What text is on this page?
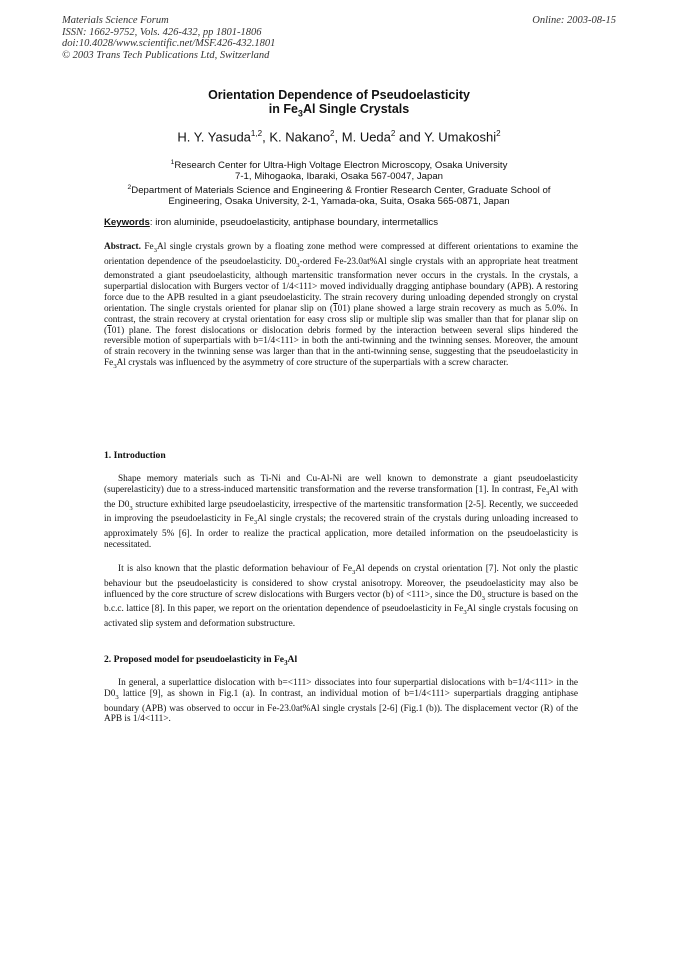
Materials Science Forum
ISSN: 1662-9752, Vols. 426-432, pp 1801-1806
doi:10.4028/www.scientific.net/MSF.426-432.1801
© 2003 Trans Tech Publications Ltd, Switzerland
Online: 2003-08-15
Orientation Dependence of Pseudoelasticity
in $Fe_3Al$ Single Crystals
H. Y. Yasuda$^{1,2}$, K. Nakano$^2$, M. Ueda$^2$ and Y. Umakoshi$^2$
$^1$Research Center for Ultra-High Voltage Electron Microscopy, Osaka University
7-1, Mihogaoka, Ibaraki, Osaka 567-0047, Japan
$^2$Department of Materials Science and Engineering & Frontier Research Center, Graduate School of
Engineering, Osaka University, 2-1, Yamada-oka, Suita, Osaka 565-0871, Japan
Keywords: iron aluminide, pseudoelasticity, antiphase boundary, intermetallics
Abstract. $Fe_3Al$ single crystals grown by a floating zone method were compressed at different orientations to examine the orientation dependence of the pseudoelasticity. $D0_3$-ordered Fe-23.0at%Al single crystals with an appropriate heat treatment demonstrated a giant pseudoelasticity, although martensitic transformation never occurs in the crystals. In the crystals, a superpartial dislocation with Burgers vector of 1/4<111> moved individually dragging antiphase boundary (APB). A restoring force due to the APB resulted in a giant pseudoelasticity. The strain recovery during unloading depended strongly on crystal orientation. The single crystals oriented for planar slip on (101) plane showed a large strain recovery as much as 5.0%. In contrast, the strain recovery at crystal orientation for easy cross slip or multiple slip was smaller than that for planar slip on (101) plane. The forest dislocations or dislocation debris formed by the interaction between several slips hindered the reversible motion of superpartials with b=1/4<111> in both the anti-twinning and the twinning senses. Moreover, the amount of strain recovery in the twinning sense was larger than that in the anti-twinning sense, suggesting that the pseudoelasticity in $Fe_3Al$ crystals was influenced by the asymmetry of core structure of the superpartials with a screw character.
1. Introduction
Shape memory materials such as Ti-Ni and Cu-Al-Ni are well known to demonstrate a giant pseudoelasticity (superelasticity) due to a stress-induced martensitic transformation and the reverse transformation [1]. In contrast, $Fe_3Al$ with the $D0_3$ structure exhibited large pseudoelasticity, irrespective of the martensitic transformation [2-5]. Recently, we succeeded in improving the pseudoelasticity in $Fe_3Al$ single crystals; the recovered strain of the crystals during unloading increased to approximately 5% [6]. In order to realize the practical application, more detailed information on the pseudoelasticity is necessitated.
It is also known that the plastic deformation behaviour of $Fe_3Al$ depends on crystal orientation [7]. Not only the plastic behaviour but the pseudoelasticity is considered to show crystal anisotropy. Moreover, the pseudoelasticity may also be influenced by the core structure of screw dislocations with Burgers vector (b) of <111>, since the $D0_3$ structure is based on the b.c.c. lattice [8]. In this paper, we report on the orientation dependence of pseudoelasticity in $Fe_3Al$ single crystals focusing on activated slip system and deformation substructure.
2. Proposed model for pseudoelasticity in $Fe_3Al$
In general, a superlattice dislocation with b=<111> dissociates into four superpartial dislocations with b=1/4<111> in the $D0_3$ lattice [9], as shown in Fig.1 (a). In contrast, an individual motion of b=1/4<111> superpartials dragging antiphase boundary (APB) was observed to occur in Fe-23.0at%Al single crystals [2-6] (Fig.1 (b)). The displacement vector (R) of the APB is 1/4<111>.
